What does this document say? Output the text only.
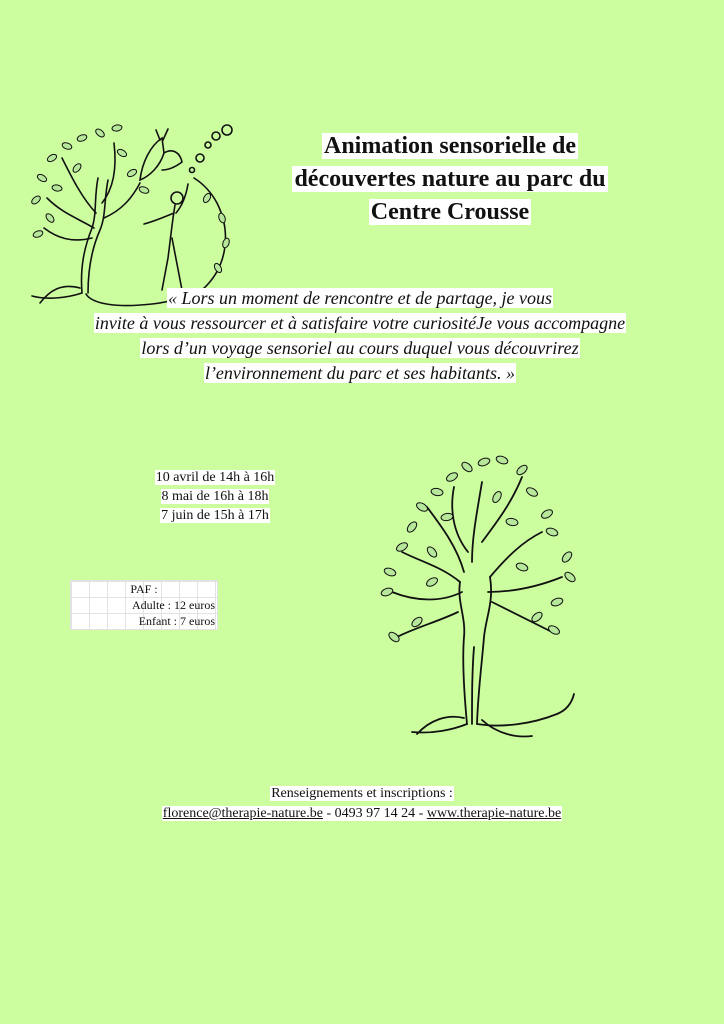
Animation sensorielle de
découvertes nature au parc du
Centre Crousse
« Lors un moment de rencontre et de partage, je vous
invite à vous ressourcer et à satisfaire votre curiositéJe vous accompagne
lors d’un voyage sensoriel au cours duquel vous découvrirez
l’environnement du parc et ses habitants. »
10 avril de 14h à 16h
8 mai de 16h à 18h
7 juin de 15h à 17h
PAF :
Adulte : 12 euros
Enfant : 7 euros
Renseignements et inscriptions :
florence@therapie-nature.be - 0493 97 14 24 - www.therapie-nature.be
